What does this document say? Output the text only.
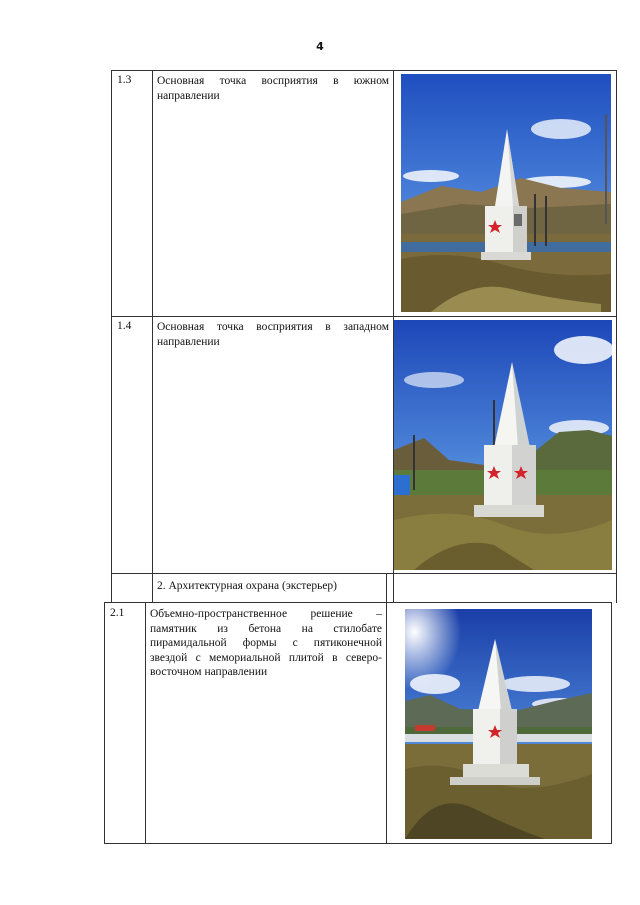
4
1.3 Основная точка восприятия в южном направлении
1.4 Основная точка восприятия в западном направлении
2. Архитектурная охрана (экстерьер)
2.1 Объемно-пространственное решение – памятник из бетона на стилобате пирамидальной формы с пятиконечной звездой с мемориальной плитой в северо-восточном направлении
